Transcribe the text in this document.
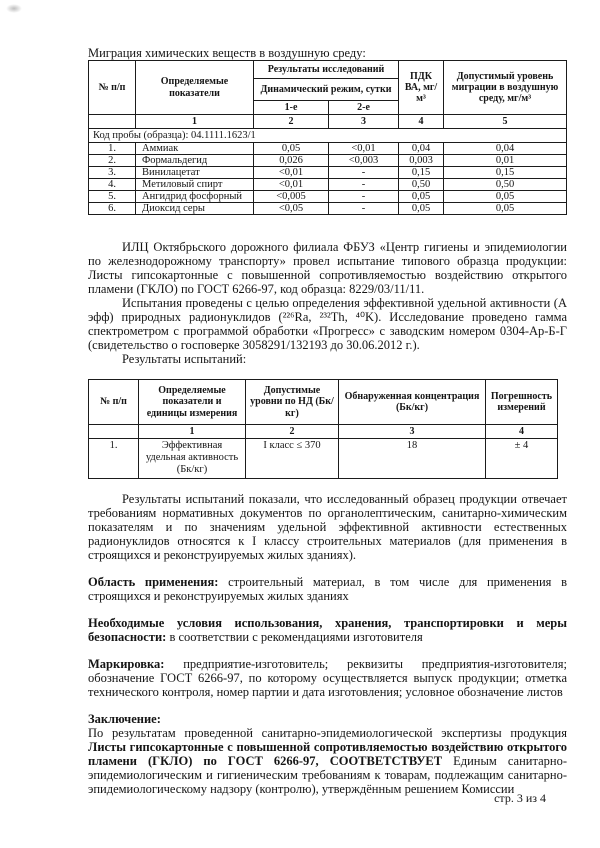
Миграция химических веществ в воздушную среду:

№ п/п	Определяемые показатели	Результаты исследований		ПДК ВА, мг/м³	Допустимый уровень миграции в воздушную среду, мг/м³
		Динамический режим, сутки			
		1-е	2-е		
	1	2	3	4	5
Код пробы (образца): 04.1111.1623/1					
1.	Аммиак	0,05	<0,01	0,04	0,04
2.	Формальдегид	0,026	<0,003	0,003	0,01
3.	Винилацетат	<0,01	-	0,15	0,15
4.	Метиловый спирт	<0,01	-	0,50	0,50
5.	Ангидрид фосфорный	<0,005	-	0,05	0,05
6.	Диоксид серы	<0,05	-	0,05	0,05

ИЛЦ Октябрьского дорожного филиала ФБУЗ «Центр гигиены и эпидемиологии по железнодорожному транспорту» провел испытание типового образца продукции: Листы гипсокартонные с повышенной сопротивляемостью воздействию открытого пламени (ГКЛО) по ГОСТ 6266-97, код образца: 8229/03/11/11.

Испытания проведены с целью определения эффективной удельной активности (А эфф) природных радионуклидов (²²⁶Ra, ²³²Th, ⁴⁰K). Исследование проведено гамма спектрометром с программой обработки «Прогресс» с заводским номером 0304-Ар-Б-Г (свидетельство о госповерке 3058291/132193 до 30.06.2012 г.).

Результаты испытаний:

№ п/п	Определяемые показатели и единицы измерения	Допустимые уровни по НД (Бк/кг)	Обнаруженная концентрация (Бк/кг)	Погрешность измерений
	1	2	3	4
1.	Эффективная удельная активность (Бк/кг)	I класс ≤ 370	18	± 4

Результаты испытаний показали, что исследованный образец продукции отвечает требованиям нормативных документов по органолептическим, санитарно-химическим показателям и по значениям удельной эффективной активности естественных радионуклидов относятся к I классу строительных материалов (для применения в строящихся и реконструируемых жилых зданиях).

Область применения: строительный материал, в том числе для применения в строящихся и реконструируемых жилых зданиях

Необходимые условия использования, хранения, транспортировки и меры безопасности: в соответствии с рекомендациями изготовителя

Маркировка: предприятие-изготовитель; реквизиты предприятия-изготовителя; обозначение ГОСТ 6266-97, по которому осуществляется выпуск продукции; отметка технического контроля, номер партии и дата изготовления; условное обозначение листов

Заключение:

По результатам проведенной санитарно-эпидемиологической экспертизы продукция Листы гипсокартонные с повышенной сопротивляемостью воздействию открытого пламени (ГКЛО) по ГОСТ 6266-97, СООТВЕТСТВУЕТ Единым санитарно-эпидемиологическим и гигиеническим требованиям к товарам, подлежащим санитарно-эпидемиологическому надзору (контролю), утверждённым решением Комиссии

стр. 3 из 4
